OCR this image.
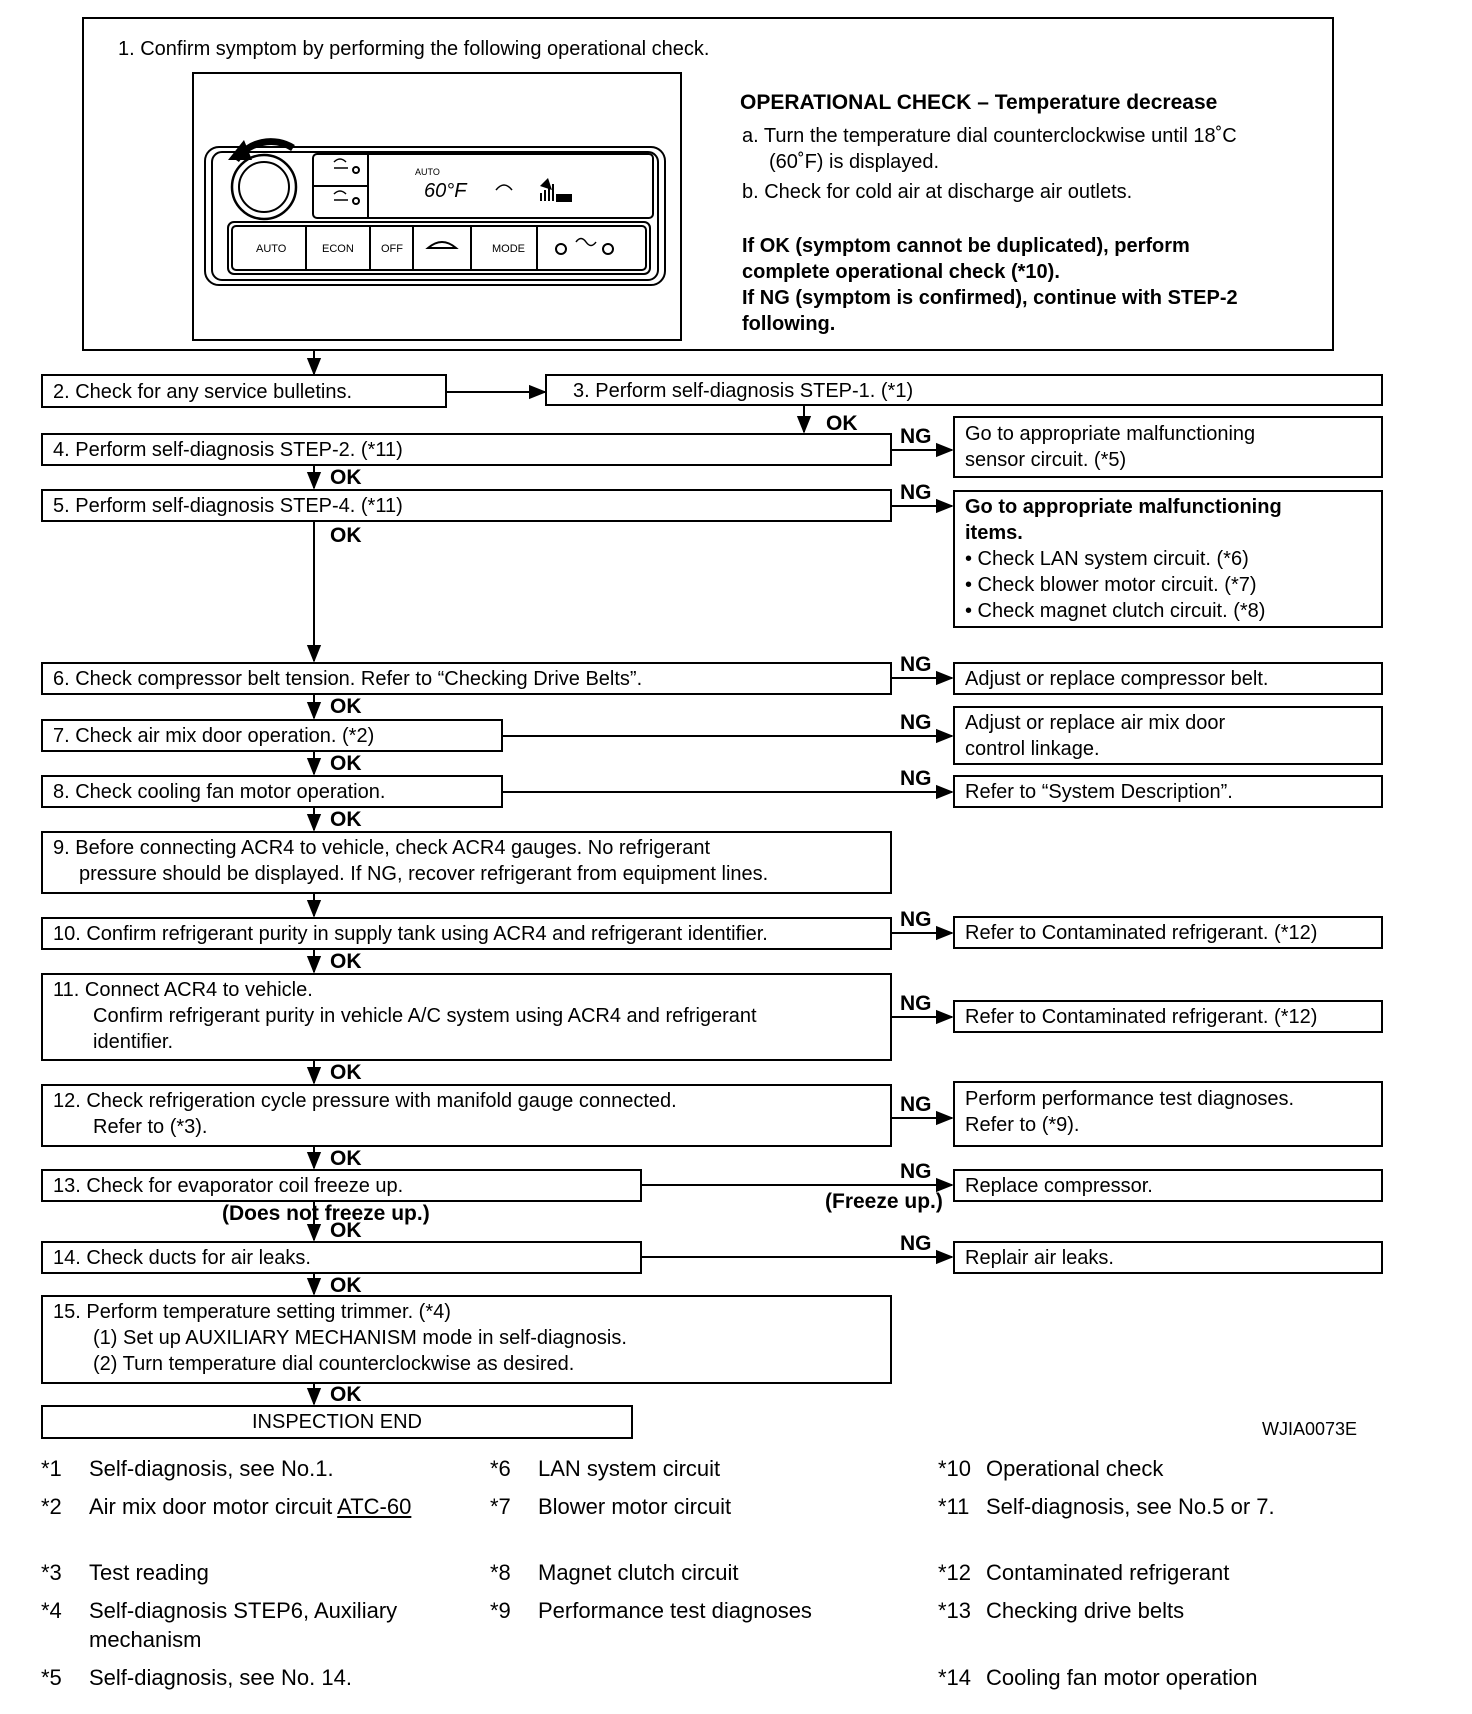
1. Confirm symptom by performing the following operational check.
AUTO
60°F
AUTO	ECON OFF	MODE
OPERATIONAL CHECK – Temperature decrease
a. Turn the temperature dial counterclockwise until 18˚C
(60˚F) is displayed.
b. Check for cold air at discharge air outlets.
If OK (symptom cannot be duplicated), perform
complete operational check (*10).
If NG (symptom is confirmed), continue with STEP-2
following.
2. Check for any service bulletins.	3. Perform self-diagnosis STEP-1. (*1)
4. Perform self-diagnosis STEP-2. (*11)
5. Perform self-diagnosis STEP-4. (*11)
6. Check compressor belt tension. Refer to “Checking Drive Belts”.
7. Check air mix door operation. (*2)
8. Check cooling fan motor operation.
9. Before connecting ACR4 to vehicle, check ACR4 gauges. No refrigerant
pressure should be displayed. If NG, recover refrigerant from equipment lines.
10. Confirm refrigerant purity in supply tank using ACR4 and refrigerant identifier.
11. Connect ACR4 to vehicle.
Confirm refrigerant purity in vehicle A/C system using ACR4 and refrigerant
identifier.
12. Check refrigeration cycle pressure with manifold gauge connected.
Refer to (*3).
13. Check for evaporator coil freeze up.
14. Check ducts for air leaks.
15. Perform temperature setting trimmer. (*4)
(1) Set up AUXILIARY MECHANISM mode in self-diagnosis.
(2) Turn temperature dial counterclockwise as desired.
INSPECTION END
Go to appropriate malfunctioning
sensor circuit. (*5)
Go to appropriate malfunctioning
items.
• Check LAN system circuit. (*6)
• Check blower motor circuit. (*7)
• Check magnet clutch circuit. (*8)
Adjust or replace compressor belt.
Adjust or replace air mix door
control linkage.
Refer to “System Description”.
Refer to Contaminated refrigerant. (*12)
Refer to Contaminated refrigerant. (*12)
Perform performance test diagnoses.
Refer to (*9).
Replace compressor.
Replair air leaks.
OK
OK
OK
OK
OK
OK
OK
OK
OK
OK
OK
OK
NG
NG
NG
NG
NG
NG
NG
NG
NG
NG
(Does not freeze up.)
(Freeze up.)
WJIA0073E
*1 Self-diagnosis, see No.1.
*2 Air mix door motor circuit ATC-60
*3 Test reading
*4 Self-diagnosis STEP6, Auxiliary
mechanism
*5 Self-diagnosis, see No. 14.
*6 LAN system circuit
*7 Blower motor circuit
*8 Magnet clutch circuit
*9 Performance test diagnoses
*10 Operational check
*11 Self-diagnosis, see No.5 or 7.
*12 Contaminated refrigerant
*13 Checking drive belts
*14 Cooling fan motor operation
